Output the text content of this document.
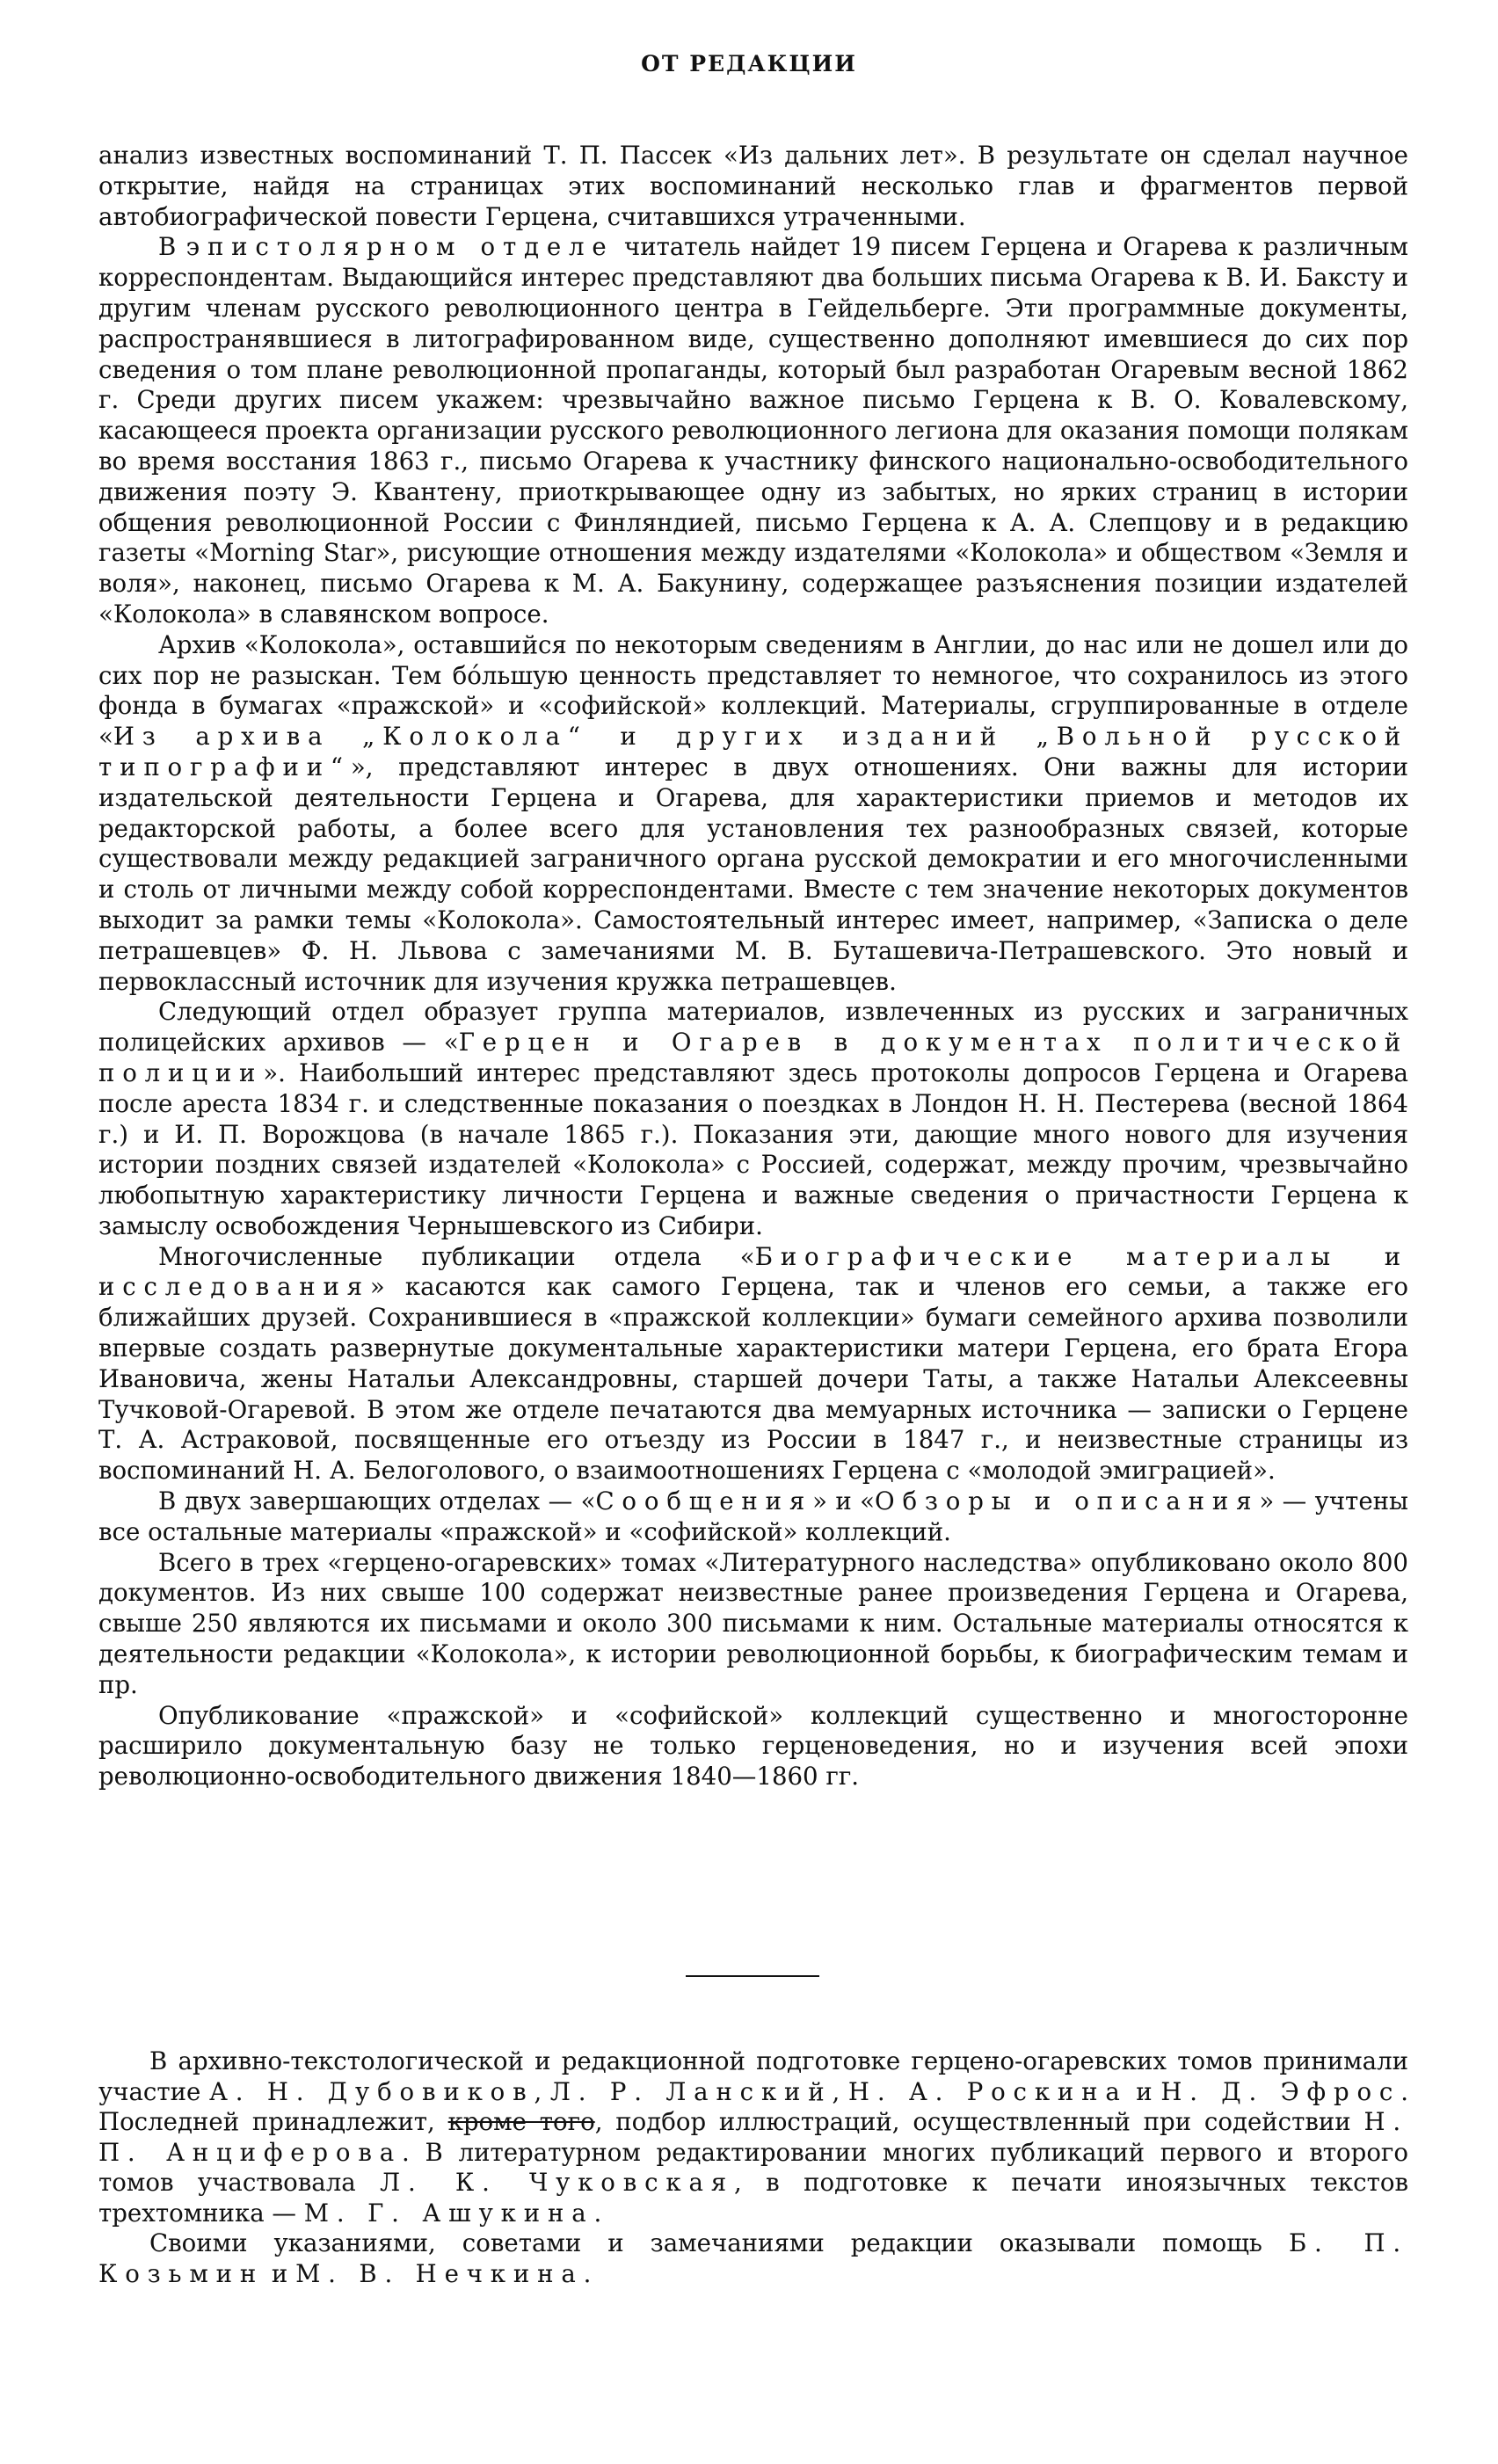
ОТ РЕДАКЦИИ

анализ известных воспоминаний Т. П. Пассек «Из дальних лет». В результате он сделал научное открытие, найдя на страницах этих воспоминаний несколько глав и фрагментов первой автобиографической повести Герцена, считавшихся утраченными.

В эпистолярном отделе читатель найдет 19 писем Герцена и Огарева к различным корреспондентам. Выдающийся интерес представляют два больших письма Огарева к В. И. Баксту и другим членам русского революционного центра в Гейдельберге. Эти программные документы, распространявшиеся в литографированном виде, существенно дополняют имевшиеся до сих пор сведения о том плане революционной пропаганды, который был разработан Огаревым весной 1862 г. Среди других писем укажем: чрезвычайно важное письмо Герцена к В. О. Ковалевскому, касающееся проекта организации русского революционного легиона для оказания помощи полякам во время восстания 1863 г., письмо Огарева к участнику финского национально-освободительного движения поэту Э. Квантену, приоткрывающее одну из забытых, но ярких страниц в истории общения революционной России с Финляндией, письмо Герцена к А. А. Слепцову и в редакцию газеты «Morning Star», рисующие отношения между издателями «Колокола» и обществом «Земля и воля», наконец, письмо Огарева к М. А. Бакунину, содержащее разъяснения позиции издателей «Колокола» в славянском вопросе.

Архив «Колокола», оставшийся по некоторым сведениям в Англии, до нас или не дошел или до сих пор не разыскан. Тем бо́льшую ценность представляет то немногое, что сохранилось из этого фонда в бумагах «пражской» и «софийской» коллекций. Материалы, сгруппированные в отделе «Из архива „Колокола“ и других изданий „Вольной русской типографии“», представляют интерес в двух отношениях. Они важны для истории издательской деятельности Герцена и Огарева, для характеристики приемов и методов их редакторской работы, а более всего для установления тех разнообразных связей, которые существовали между редакцией заграничного органа русской демократии и его многочисленными и столь от личными между собой корреспондентами. Вместе с тем значение некоторых документов выходит за рамки темы «Колокола». Самостоятельный интерес имеет, например, «Записка о деле петрашевцев» Ф. Н. Львова с замечаниями М. В. Буташевича-Петрашевского. Это новый и первоклассный источник для изучения кружка петрашевцев.

Следующий отдел образует группа материалов, извлеченных из русских и заграничных полицейских архивов — «Герцен и Огарев в документах политической полиции». Наибольший интерес представляют здесь протоколы допросов Герцена и Огарева после ареста 1834 г. и следственные показания о поездках в Лондон Н. Н. Пестерева (весной 1864 г.) и И. П. Ворожцова (в начале 1865 г.). Показания эти, дающие много нового для изучения истории поздних связей издателей «Колокола» с Россией, содержат, между прочим, чрезвычайно любопытную характеристику личности Герцена и важные сведения о причастности Герцена к замыслу освобождения Чернышевского из Сибири.

Многочисленные публикации отдела «Биографические материалы и исследования» касаются как самого Герцена, так и членов его семьи, а также его ближайших друзей. Сохранившиеся в «пражской коллекции» бумаги семейного архива позволили впервые создать развернутые документальные характеристики матери Герцена, его брата Егора Ивановича, жены Натальи Александровны, старшей дочери Таты, а также Натальи Алексеевны Тучковой-Огаревой. В этом же отделе печатаются два мемуарных источника — записки о Герцене Т. А. Астраковой, посвященные его отъезду из России в 1847 г., и неизвестные страницы из воспоминаний Н. А. Белоголового, о взаимоотношениях Герцена с «молодой эмиграцией».

В двух завершающих отделах — «Сообщения» и «Обзоры и описания» — учтены все остальные материалы «пражской» и «софийской» коллекций.

Всего в трех «герцено-огаревских» томах «Литературного наследства» опубликовано около 800 документов. Из них свыше 100 содержат неизвестные ранее произведения Герцена и Огарева, свыше 250 являются их письмами и около 300 письмами к ним. Остальные материалы относятся к деятельности редакции «Колокола», к истории революционной борьбы, к биографическим темам и пр.

Опубликование «пражской» и «софийской» коллекций существенно и многосторонне расширило документальную базу не только герценоведения, но и изучения всей эпохи революционно-освободительного движения 1840—1860 гг.

В архивно-текстологической и редакционной подготовке герцено-огаревских томов принимали участие А. Н. Дубовиков, Л. Р. Ланский, Н. А. Роскина и Н. Д. Эфрос. Последней принадлежит, кроме того, подбор иллюстраций, осуществленный при содействии Н. П. Анциферова. В литературном редактировании многих публикаций первого и второго томов участвовала Л. К. Чуковская, в подготовке к печати иноязычных текстов трехтомника — М. Г. Ашукина.

Своими указаниями, советами и замечаниями редакции оказывали помощь Б. П. Козьмин и М. В. Нечкина.
